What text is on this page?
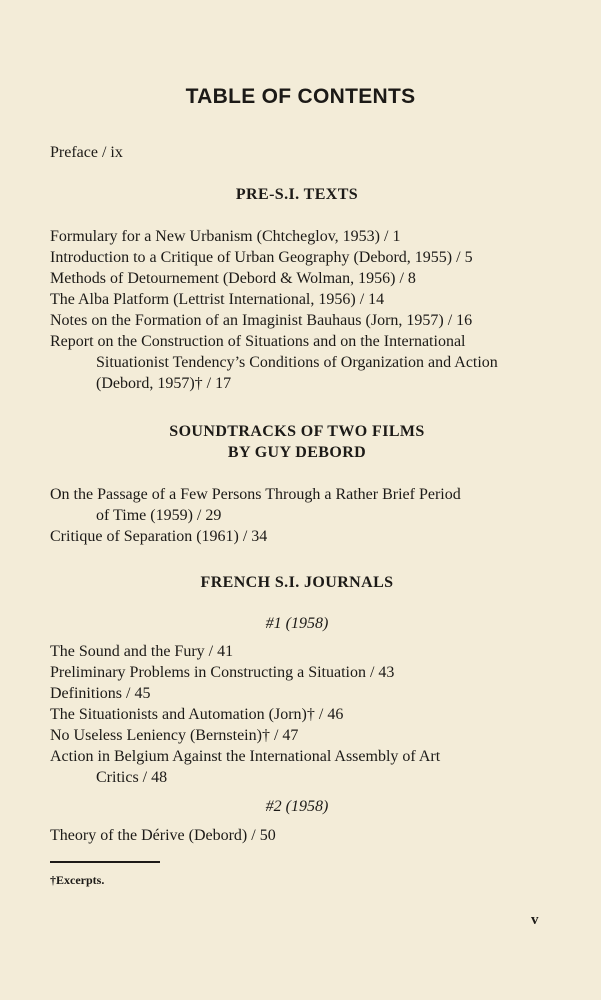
TABLE OF CONTENTS
Preface / ix
PRE-S.I. TEXTS
Formulary for a New Urbanism (Chtcheglov, 1953) / 1
Introduction to a Critique of Urban Geography (Debord, 1955) / 5
Methods of Detournement (Debord & Wolman, 1956) / 8
The Alba Platform (Lettrist International, 1956) / 14
Notes on the Formation of an Imaginist Bauhaus (Jorn, 1957) / 16
Report on the Construction of Situations and on the International
Situationist Tendency’s Conditions of Organization and Action
(Debord, 1957)† / 17
SOUNDTRACKS OF TWO FILMS
BY GUY DEBORD
On the Passage of a Few Persons Through a Rather Brief Period
of Time (1959) / 29
Critique of Separation (1961) / 34
FRENCH S.I. JOURNALS
#1 (1958)
The Sound and the Fury / 41
Preliminary Problems in Constructing a Situation / 43
Definitions / 45
The Situationists and Automation (Jorn)† / 46
No Useless Leniency (Bernstein)† / 47
Action in Belgium Against the International Assembly of Art
Critics / 48
#2 (1958)
Theory of the Dérive (Debord) / 50
†Excerpts.
v
